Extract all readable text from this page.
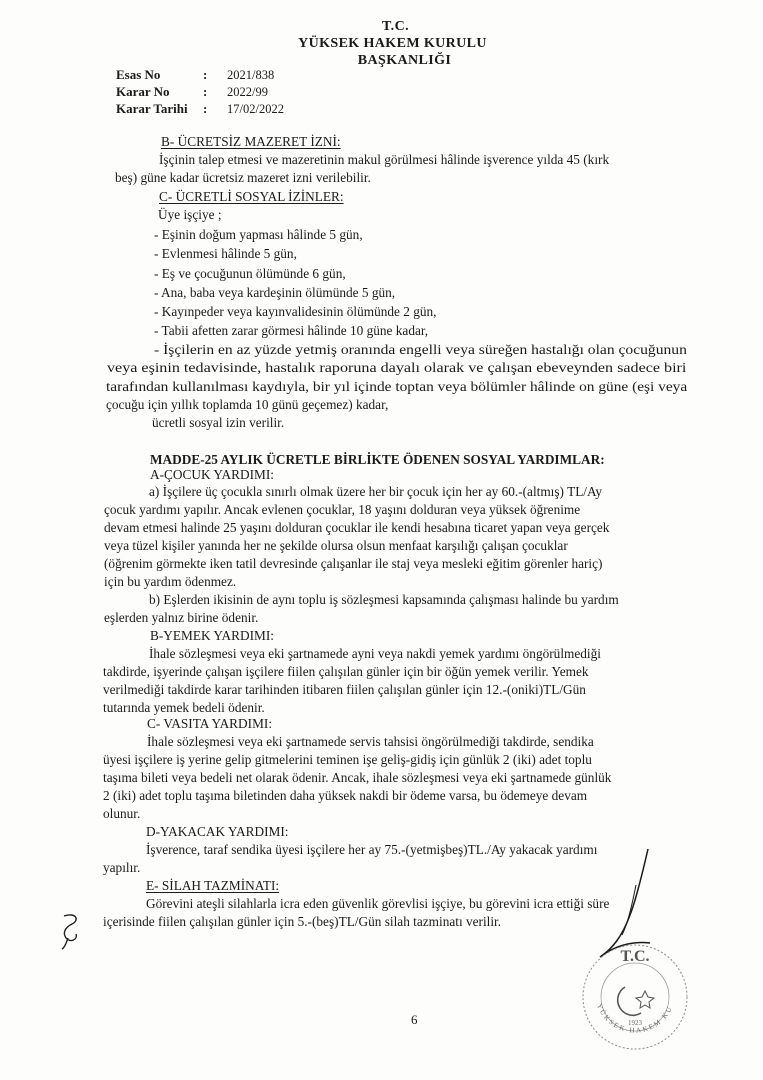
T.C.
YÜKSEK HAKEM KURULU
BAŞKANLIĞI
Esas No	:	2021/838
Karar No	:	2022/99
Karar Tarihi	:	17/02/2022
B- ÜCRETSİZ MAZERET İZNİ:
İşçinin talep etmesi ve mazeretinin makul görülmesi hâlinde işverence yılda 45 (kırk
beş) güne kadar ücretsiz mazeret izni verilebilir.
C- ÜCRETLİ SOSYAL İZİNLER:
Üye işçiye ;
- Eşinin doğum yapması hâlinde 5 gün,
- Evlenmesi hâlinde 5 gün,
- Eş ve çocuğunun ölümünde 6 gün,
- Ana, baba veya kardeşinin ölümünde 5 gün,
- Kayınpeder veya kayınvalidesinin ölümünde 2 gün,
- Tabii afetten zarar görmesi hâlinde 10 güne kadar,
- İşçilerin en az yüzde yetmiş oranında engelli veya süreğen hastalığı olan çocuğunun
veya eşinin tedavisinde, hastalık raporuna dayalı olarak ve çalışan ebeveynden sadece biri
tarafından kullanılması kaydıyla, bir yıl içinde toptan veya bölümler hâlinde on güne (eşi veya
çocuğu için yıllık toplamda 10 günü geçemez) kadar,
ücretli sosyal izin verilir.
MADDE-25 AYLIK ÜCRETLE BİRLİKTE ÖDENEN SOSYAL YARDIMLAR:
A-ÇOCUK YARDIMI:
a) İşçilere üç çocukla sınırlı olmak üzere her bir çocuk için her ay 60.-(altmış) TL/Ay
çocuk yardımı yapılır. Ancak evlenen çocuklar, 18 yaşını dolduran veya yüksek öğrenime
devam etmesi halinde 25 yaşını dolduran çocuklar ile kendi hesabına ticaret yapan veya gerçek
veya tüzel kişiler yanında her ne şekilde olursa olsun menfaat karşılığı çalışan çocuklar
(öğrenim görmekte iken tatil devresinde çalışanlar ile staj veya mesleki eğitim görenler hariç)
için bu yardım ödenmez.
b) Eşlerden ikisinin de aynı toplu iş sözleşmesi kapsamında çalışması halinde bu yardım
eşlerden yalnız birine ödenir.
B-YEMEK YARDIMI:
İhale sözleşmesi veya eki şartnamede ayni veya nakdi yemek yardımı öngörülmediği
takdirde, işyerinde çalışan işçilere fiilen çalışılan günler için bir öğün yemek verilir. Yemek
verilmediği takdirde karar tarihinden itibaren fiilen çalışılan günler için 12.-(oniki)TL/Gün
tutarında yemek bedeli ödenir.
C- VASITA YARDIMI:
İhale sözleşmesi veya eki şartnamede servis tahsisi öngörülmediği takdirde, sendika
üyesi işçilere iş yerine gelip gitmelerini teminen işe geliş-gidiş için günlük 2 (iki) adet toplu
taşıma bileti veya bedeli net olarak ödenir. Ancak, ihale sözleşmesi veya eki şartnamede günlük
2 (iki) adet toplu taşıma biletinden daha yüksek nakdi bir ödeme varsa, bu ödemeye devam
olunur.
D-YAKACAK YARDIMI:
İşverence, taraf sendika üyesi işçilere her ay 75.-(yetmişbeş)TL./Ay yakacak yardımı
yapılır.
E- SİLAH TAZMİNATI:
Görevini ateşli silahlarla icra eden güvenlik görevlisi işçiye, bu görevini icra ettiği süre
içerisinde fiilen çalışılan günler için 5.-(beş)TL/Gün silah tazminatı verilir.
6
T.C.
1923
YÜKSEK HAKEM KU
